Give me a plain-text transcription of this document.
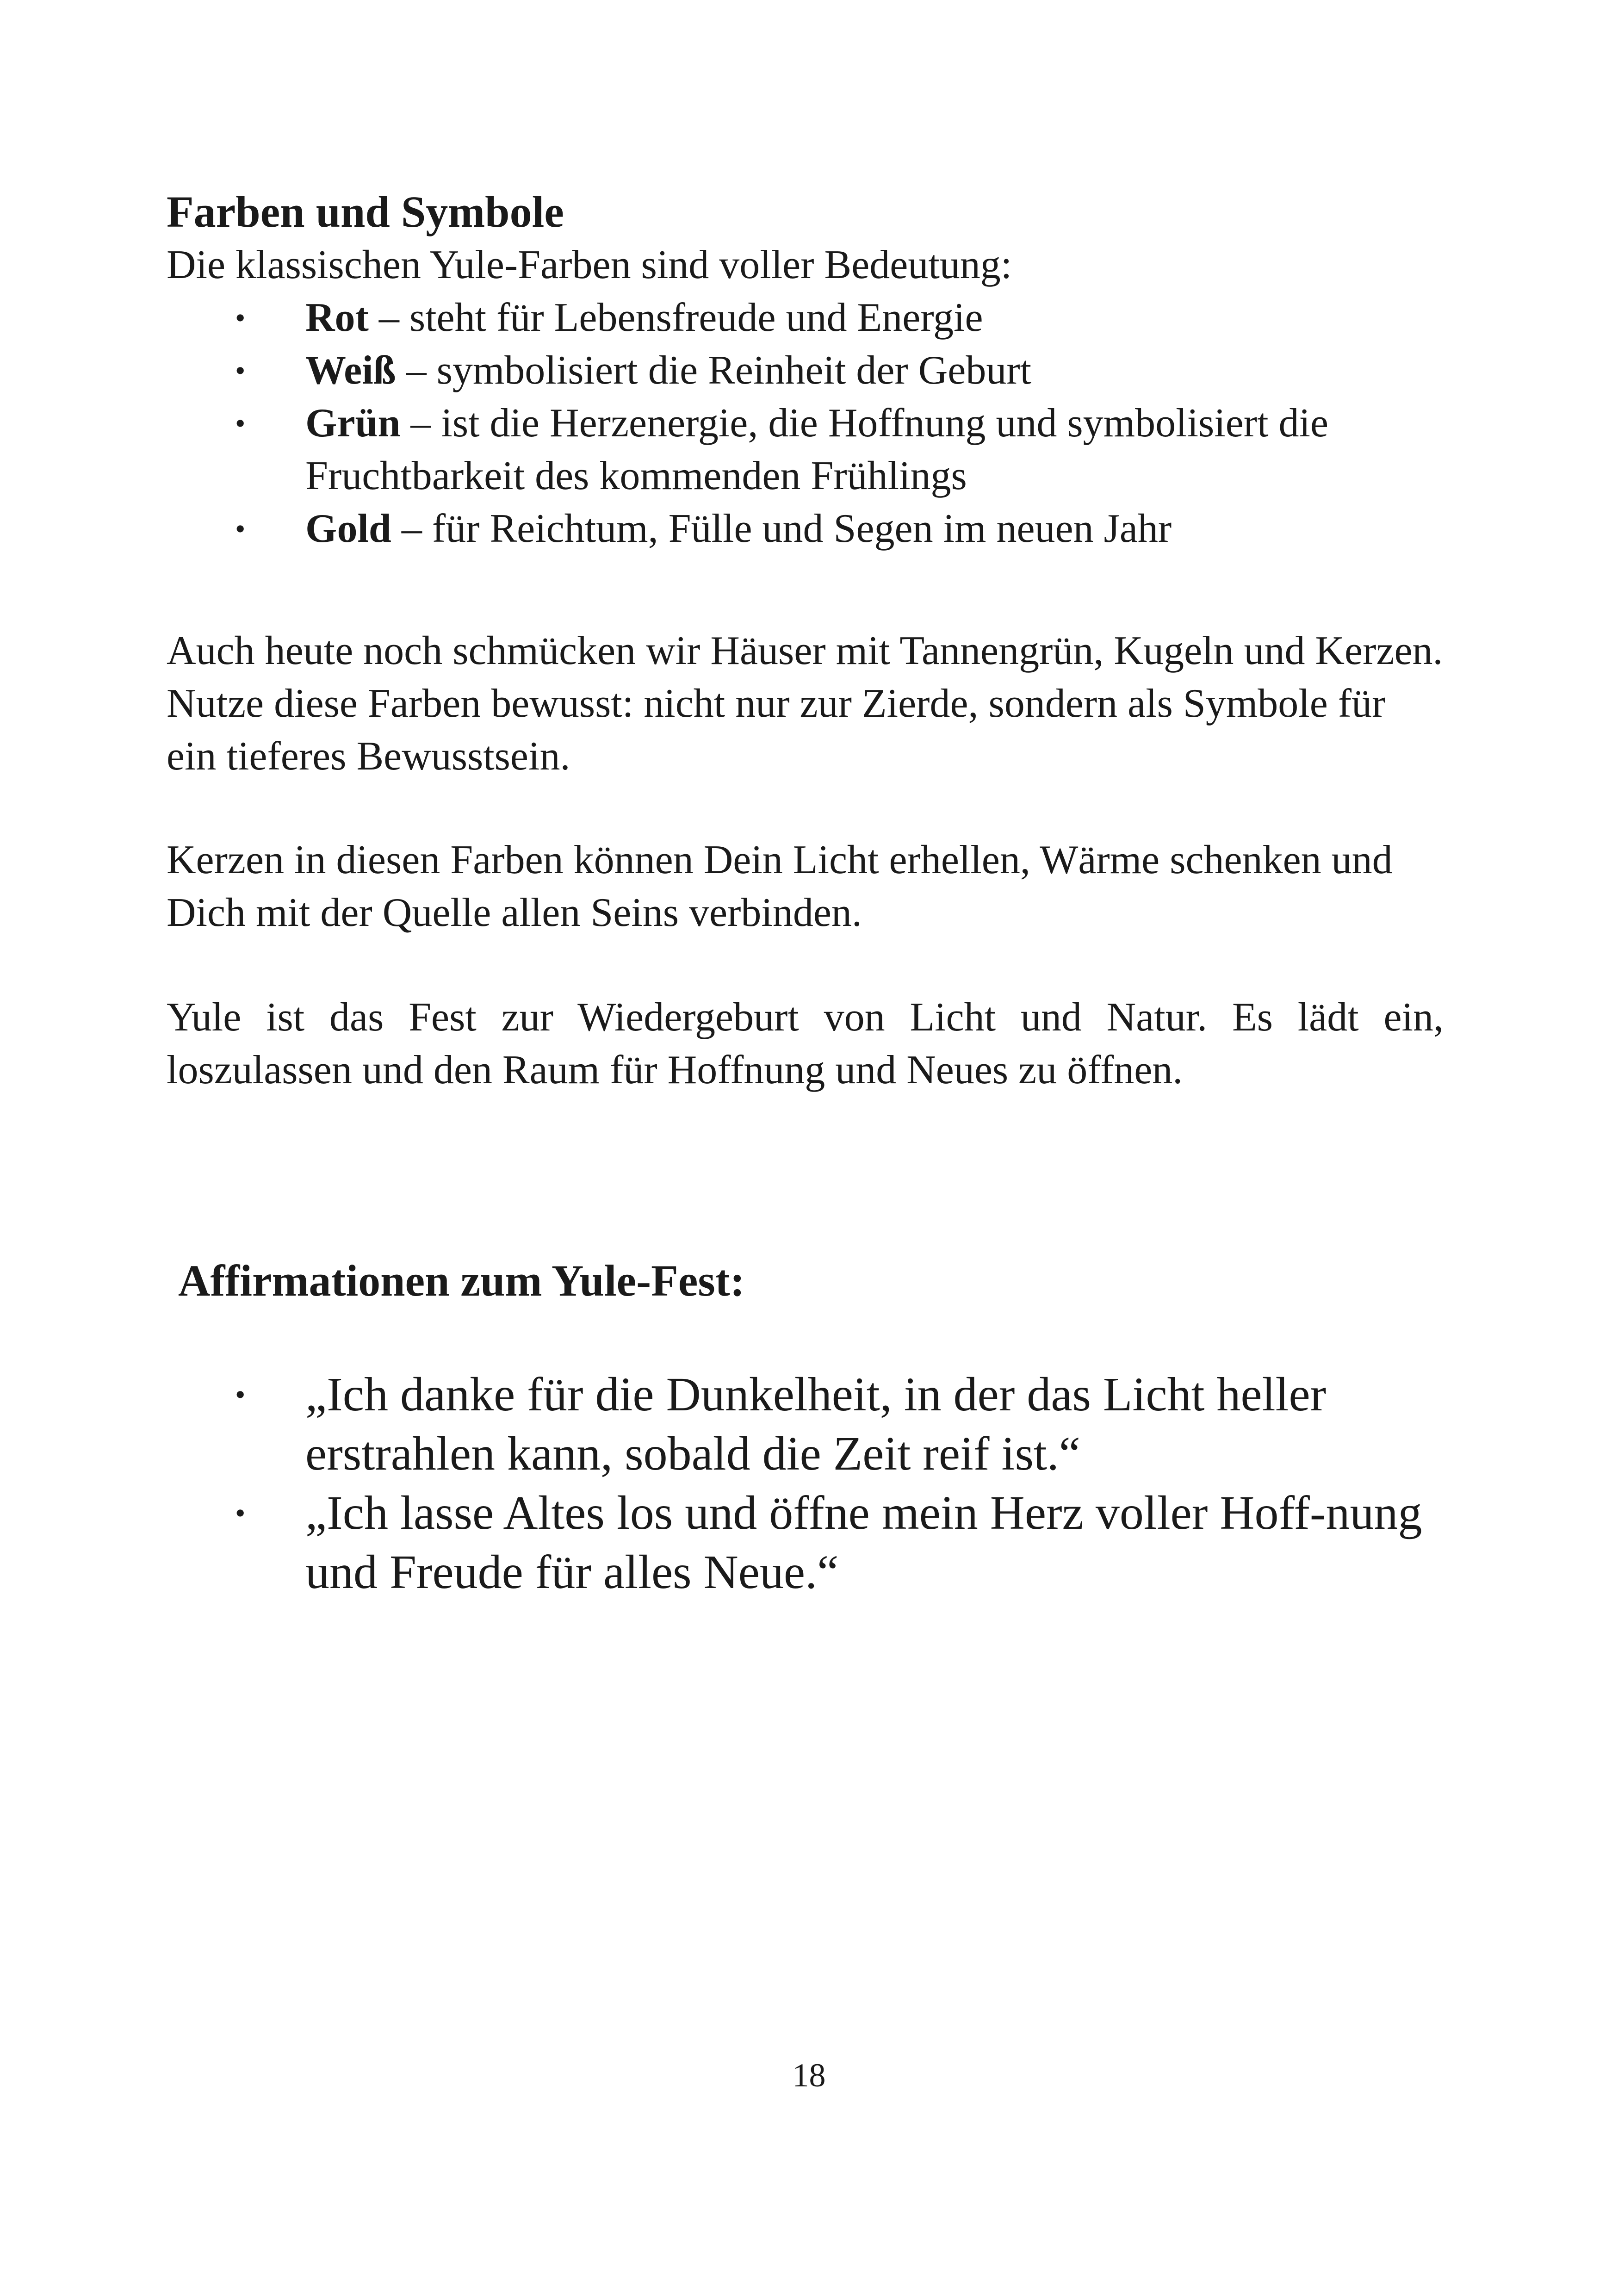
Farben und Symbole

Die klassischen Yule-Farben sind voller Bedeutung:

• Rot – steht für Lebensfreude und Energie
• Weiß – symbolisiert die Reinheit der Geburt
• Grün – ist die Herzenergie, die Hoffnung und symbolisiert die Fruchtbarkeit des kommenden Frühlings
• Gold – für Reichtum, Fülle und Segen im neuen Jahr

Auch heute noch schmücken wir Häuser mit Tannengrün, Kugeln und Kerzen. Nutze diese Farben bewusst: nicht nur zur Zierde, sondern als Symbole für ein tieferes Bewusstsein.

Kerzen in diesen Farben können Dein Licht erhellen, Wärme schenken und Dich mit der Quelle allen Seins verbinden.

Yule ist das Fest zur Wiedergeburt von Licht und Natur. Es lädt ein, loszulassen und den Raum für Hoffnung und Neues zu öffnen.

Affirmationen zum Yule-Fest:
• „Ich danke für die Dunkelheit, in der das Licht heller erstrahlen kann, sobald die Zeit reif ist.“
• „Ich lasse Altes los und öffne mein Herz voller Hoff-nung und Freude für alles Neue.“
18
